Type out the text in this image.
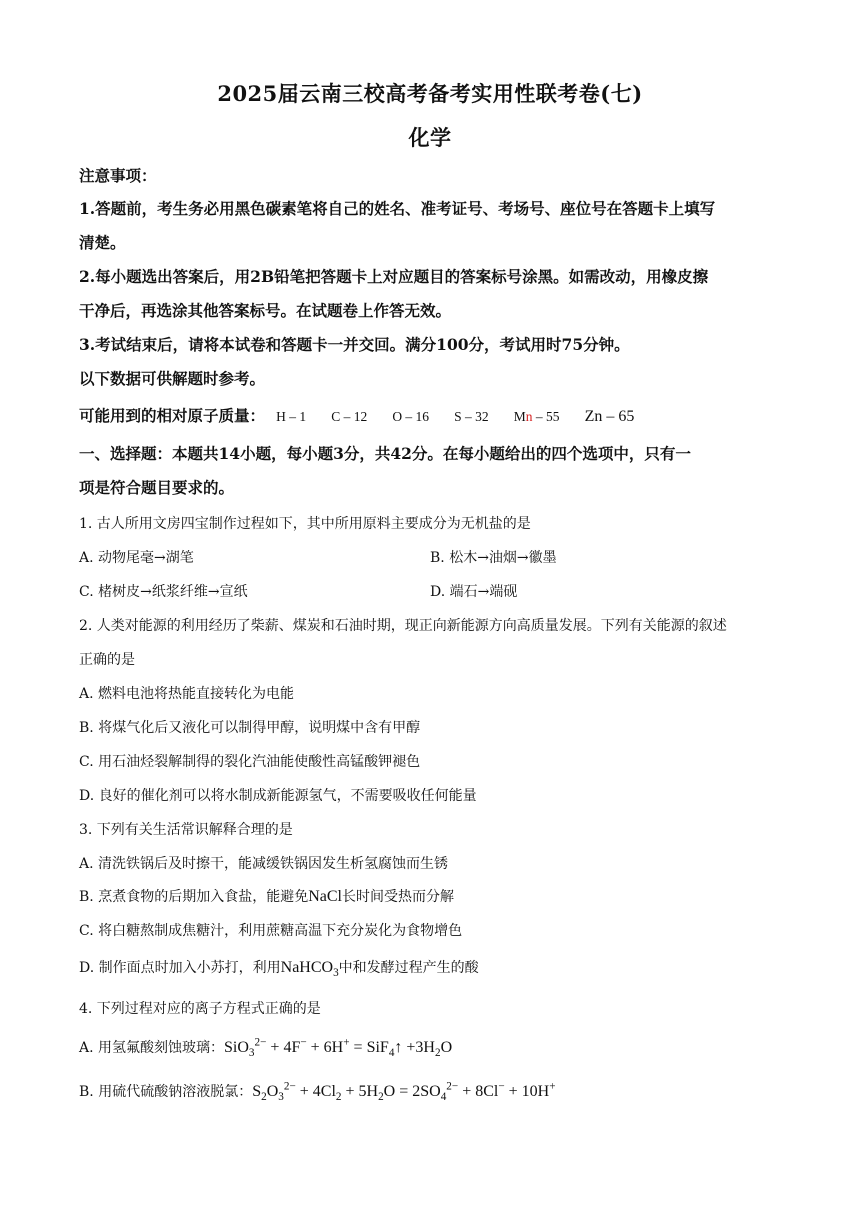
2025届云南三校高考备考实用性联考卷(七)
化学
注意事项：
1.答题前，考生务必用黑色碳素笔将自己的姓名、准考证号、考场号、座位号在答题卡上填写
清楚。
2.每小题选出答案后，用2B铅笔把答题卡上对应题目的答案标号涂黑。如需改动，用橡皮擦
干净后，再选涂其他答案标号。在试题卷上作答无效。
3.考试结束后，请将本试卷和答题卡一并交回。满分100分，考试用时75分钟。
以下数据可供解题时参考。
可能用到的相对原子质量： H – 1 C – 12 O – 16 S – 32 Mn – 55 Zn – 65
一、选择题：本题共14小题，每小题3分，共42分。在每小题给出的四个选项中，只有一
项是符合题目要求的。
1. 古人所用文房四宝制作过程如下，其中所用原料主要成分为无机盐的是
A. 动物尾毫→湖笔	B. 松木→油烟→徽墨
C. 楮树皮→纸浆纤维→宣纸	D. 端石→端砚
2. 人类对能源的利用经历了柴薪、煤炭和石油时期，现正向新能源方向高质量发展。下列有关能源的叙述
正确的是
A. 燃料电池将热能直接转化为电能
B. 将煤气化后又液化可以制得甲醇，说明煤中含有甲醇
C. 用石油烃裂解制得的裂化汽油能使酸性高锰酸钾褪色
D. 良好的催化剂可以将水制成新能源氢气，不需要吸收任何能量
3. 下列有关生活常识解释合理的是
A. 清洗铁锅后及时擦干，能减缓铁锅因发生析氢腐蚀而生锈
B. 烹煮食物的后期加入食盐，能避免NaCl长时间受热而分解
C. 将白糖熬制成焦糖汁，利用蔗糖高温下充分炭化为食物增色
D. 制作面点时加入小苏打，利用NaHCO$_3$中和发酵过程产生的酸
4. 下列过程对应的离子方程式正确的是
A. 用氢氟酸刻蚀玻璃：SiO$_3^{2-}$ + 4F− + 6H+ = SiF$_4$↑ $+3H_2O$
B. 用硫代硫酸钠溶液脱氯：$S_2O_3^{2-} + 4Cl_2 + 5H_2O = 2SO_4^{2-} + 8Cl^- + 10H^+$
